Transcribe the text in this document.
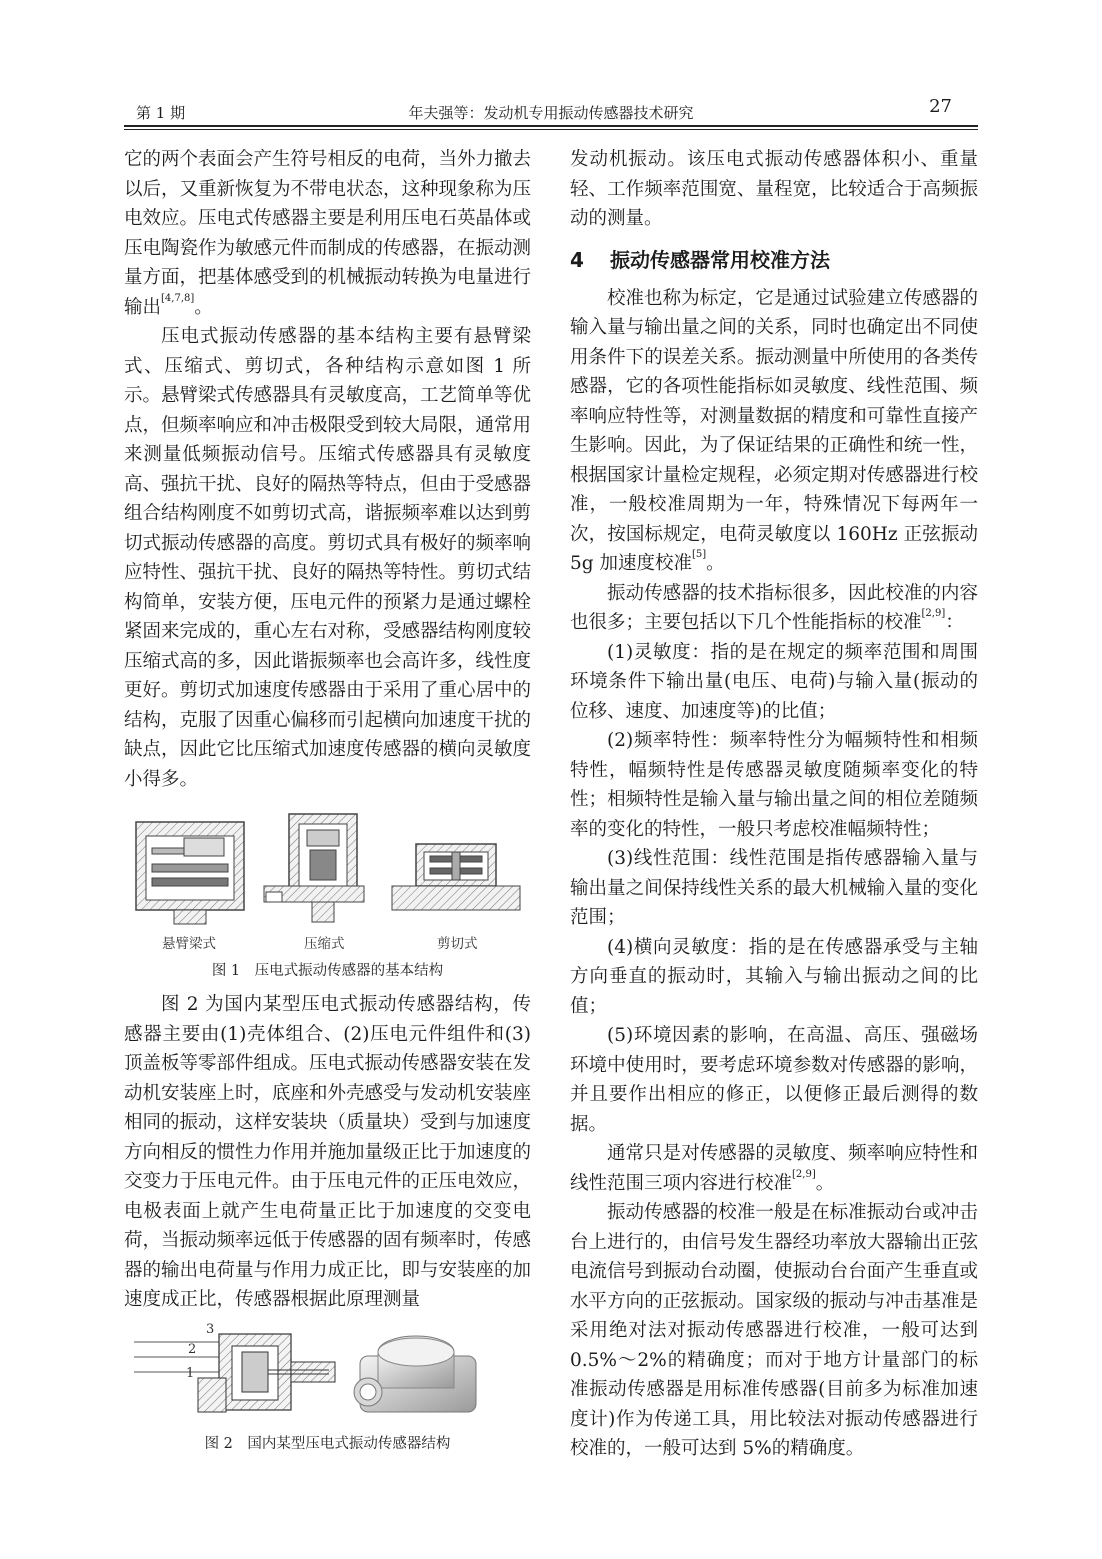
第 1 期	年夫强等：发动机专用振动传感器技术研究	27

它的两个表面会产生符号相反的电荷，当外力撤去以后，又重新恢复为不带电状态，这种现象称为压电效应。压电式传感器主要是利用压电石英晶体或压电陶瓷作为敏感元件而制成的传感器，在振动测量方面，把基体感受到的机械振动转换为电量进行输出[4,7,8]。

压电式振动传感器的基本结构主要有悬臂梁式、压缩式、剪切式，各种结构示意如图 1 所示。悬臂梁式传感器具有灵敏度高，工艺简单等优点，但频率响应和冲击极限受到较大局限，通常用来测量低频振动信号。压缩式传感器具有灵敏度高、强抗干扰、良好的隔热等特点，但由于受感器组合结构刚度不如剪切式高，谐振频率难以达到剪切式振动传感器的高度。剪切式具有极好的频率响应特性、强抗干扰、良好的隔热等特性。剪切式结构简单，安装方便，压电元件的预紧力是通过螺栓紧固来完成的，重心左右对称，受感器结构刚度较压缩式高的多，因此谐振频率也会高许多，线性度更好。剪切式加速度传感器由于采用了重心居中的结构，克服了因重心偏移而引起横向加速度干扰的缺点，因此它比压缩式加速度传感器的横向灵敏度小得多。

悬臂梁式	压缩式	剪切式
图 1　压电式振动传感器的基本结构

图 2 为国内某型压电式振动传感器结构，传感器主要由(1)壳体组合、(2)压电元件组件和(3)顶盖板等零部件组成。压电式振动传感器安装在发动机安装座上时，底座和外壳感受与发动机安装座相同的振动，这样安装块（质量块）受到与加速度方向相反的惯性力作用并施加量级正比于加速度的交变力于压电元件。由于压电元件的正压电效应，电极表面上就产生电荷量正比于加速度的交变电荷，当振动频率远低于传感器的固有频率时，传感器的输出电荷量与作用力成正比，即与安装座的加速度成正比，传感器根据此原理测量

3
2
1
图 2　国内某型压电式振动传感器结构

发动机振动。该压电式振动传感器体积小、重量轻、工作频率范围宽、量程宽，比较适合于高频振动的测量。

4 振动传感器常用校准方法

校准也称为标定，它是通过试验建立传感器的输入量与输出量之间的关系，同时也确定出不同使用条件下的误差关系。振动测量中所使用的各类传感器，它的各项性能指标如灵敏度、线性范围、频率响应特性等，对测量数据的精度和可靠性直接产生影响。因此，为了保证结果的正确性和统一性，根据国家计量检定规程，必须定期对传感器进行校准，一般校准周期为一年，特殊情况下每两年一次，按国标规定，电荷灵敏度以 160Hz 正弦振动 5g 加速度校准[5]。

振动传感器的技术指标很多，因此校准的内容也很多；主要包括以下几个性能指标的校准[2,9]：

(1)灵敏度：指的是在规定的频率范围和周围环境条件下输出量(电压、电荷)与输入量(振动的位移、速度、加速度等)的比值；

(2)频率特性：频率特性分为幅频特性和相频特性，幅频特性是传感器灵敏度随频率变化的特性；相频特性是输入量与输出量之间的相位差随频率的变化的特性，一般只考虑校准幅频特性；

(3)线性范围：线性范围是指传感器输入量与输出量之间保持线性关系的最大机械输入量的变化范围；

(4)横向灵敏度：指的是在传感器承受与主轴方向垂直的振动时，其输入与输出振动之间的比值；

(5)环境因素的影响，在高温、高压、强磁场环境中使用时，要考虑环境参数对传感器的影响，并且要作出相应的修正，以便修正最后测得的数据。

通常只是对传感器的灵敏度、频率响应特性和线性范围三项内容进行校准[2,9]。

振动传感器的校准一般是在标准振动台或冲击台上进行的，由信号发生器经功率放大器输出正弦电流信号到振动台动圈，使振动台台面产生垂直或水平方向的正弦振动。国家级的振动与冲击基准是采用绝对法对振动传感器进行校准，一般可达到 0.5%～2%的精确度；而对于地方计量部门的标准振动传感器是用标准传感器(目前多为标准加速度计)作为传递工具，用比较法对振动传感器进行校准的，一般可达到 5%的精确度。
